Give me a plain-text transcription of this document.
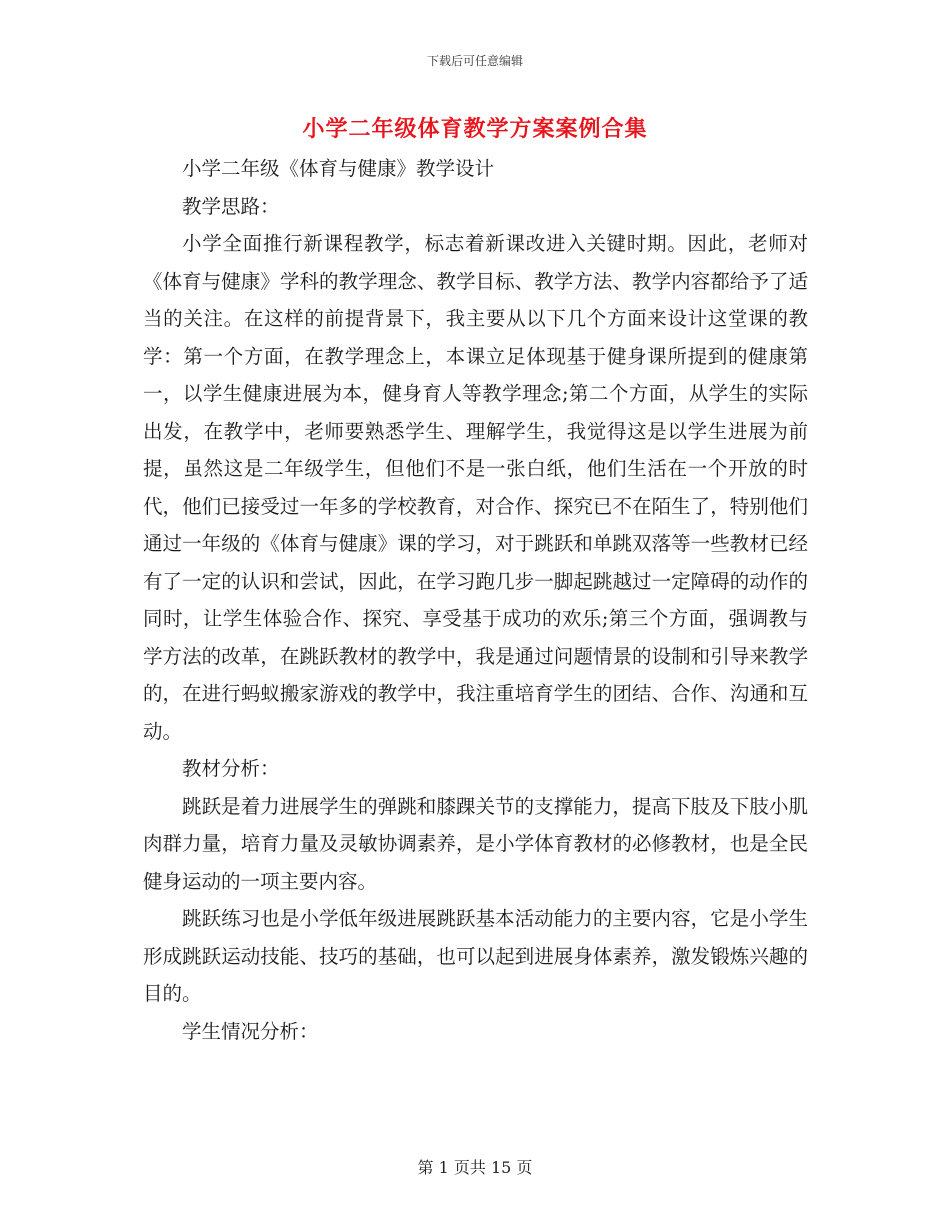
下载后可任意编辑
小学二年级体育教学方案案例合集

小学二年级《体育与健康》教学设计

教学思路：

小学全面推行新课程教学，标志着新课改进入关键时期。因此，老师对《体育与健康》学科的教学理念、教学目标、教学方法、教学内容都给予了适当的关注。在这样的前提背景下，我主要从以下几个方面来设计这堂课的教学：第一个方面，在教学理念上，本课立足体现基于健身课所提到的健康第一，以学生健康进展为本，健身育人等教学理念;第二个方面，从学生的实际出发，在教学中，老师要熟悉学生、理解学生，我觉得这是以学生进展为前提，虽然这是二年级学生，但他们不是一张白纸，他们生活在一个开放的时代，他们已接受过一年多的学校教育，对合作、探究已不在陌生了，特别他们通过一年级的《体育与健康》课的学习，对于跳跃和单跳双落等一些教材已经有了一定的认识和尝试，因此，在学习跑几步一脚起跳越过一定障碍的动作的同时，让学生体验合作、探究、享受基于成功的欢乐;第三个方面，强调教与学方法的改革，在跳跃教材的教学中，我是通过问题情景的设制和引导来教学的，在进行蚂蚁搬家游戏的教学中，我注重培育学生的团结、合作、沟通和互动。

教材分析：

跳跃是着力进展学生的弹跳和膝踝关节的支撑能力，提高下肢及下肢小肌肉群力量，培育力量及灵敏协调素养，是小学体育教材的必修教材，也是全民健身运动的一项主要内容。

跳跃练习也是小学低年级进展跳跃基本活动能力的主要内容，它是小学生形成跳跃运动技能、技巧的基础，也可以起到进展身体素养，激发锻炼兴趣的目的。

学生情况分析：

第 1 页共 15 页
